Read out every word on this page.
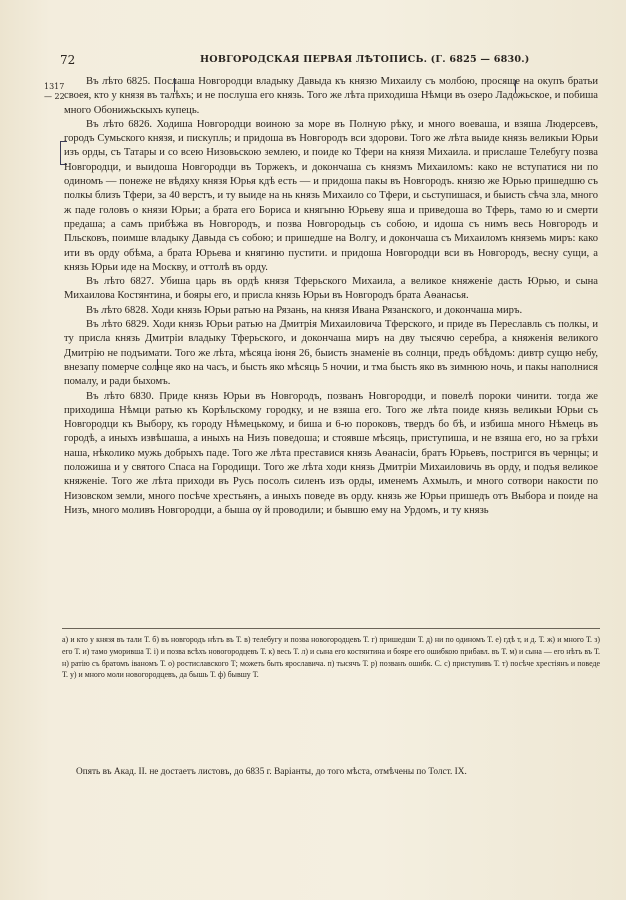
72	НОВГОРОДСКАЯ ПЕРВАЯ ЛѢТОПИСЬ. (Г. 6825 — 6830.)
1317
— 22

Въ лѣто 6825. Послаша Новгородци владыку Давыда къ князю Михаилу съ молбою, просяще на окупъ братьи своея, кто у князя въ талѣхъ; и не послуша его князь. Того же лѣта приходиша Нѣмци въ озеро Ладожьское, и побиша много Обонижьскыхъ купець.

Въ лѣто 6826. Ходиша Новгородци воиною за море въ Полную рѣку, и много воеваша, и взяша Людерсевъ, городъ Сумьского князя, и пискупль; и придоша въ Новгородъ вси здорови. Того же лѣта выиде князь великыи Юрьи изъ орды, съ Татары и со всею Низовьскою землею, и поиде ко Тфери на князя Михаила. и прислаше Телебугу позва Новгородци, и выидоша Новгородци въ Торжекъ, и докончаша съ князмъ Михаиломъ: како не вступатися ни по одиномъ — понеже не вѣдяху князя Юрья кдѣ есть — и придоша пакы въ Новгородъ. князю же Юрью пришедшю съ полкы близъ Тфери, за 40 верстъ, и ту выиде на нь князь Михаило со Тфери, и сьступишася, и быисть сѣча зла, много ж паде головъ о князи Юрьи; а брата его Бориса и княгыню Юрьеву яша и приведоша во Тферь, тамо ю и смерти предаша; а самъ прибѣжа въ Новгородъ, и позва Новгородьць съ собою, и идоша съ нимъ весь Новгородъ и Пльсковъ, поимше владыку Давыда съ собою; и пришедше на Волгу, и докончаша съ Михаиломъ княземь миръ: како ити въ орду обѣма, а брата Юрьева и княгиню пустити. и придоша Новгородци вси въ Новгородъ, весну сущи, а князь Юрьи иде на Москву, и оттолѣ въ орду.

Въ лѣто 6827. Убиша царь въ ордѣ князя Тферьского Михаила, а великое княженіе дасть Юрью, и сына Михаилова Костянтина, и бояры его, и присла князь Юрьи въ Новгородъ брата Аѳанасья.

Въ лѣто 6828. Ходи князь Юрьи ратью на Рязань, на князя Ивана Рязанского, и докончаша миръ.

Въ лѣто 6829. Ходи князь Юрьи ратью на Дмитрія Михаиловича Тферского, и приде въ Переславль съ полкы, и ту присла князь Дмитріи владыку Тферьского, и докончаша миръ на дву тысячю серебра, а княженія великого Дмитрію не подъимати. Того же лѣта, мѣсяца іюня 26, быисть знаменіе въ солнци, предъ обѣдомъ: дивтр сущю небу, внезапу померче солнце яко на часъ, и бысть яко мѣсяць 5 ночии, и тма бысть яко въ зимнюю ночь, и пакы наполнися помалу, и ради быхомъ.

Въ лѣто 6830. Приде князь Юрьи въ Новгородъ, позванъ Новгородци, и повелѣ пороки чинити. тогда же приходиша Нѣмци ратью къ Корѣльскому городку, и не взяша его. Того же лѣта поиде князь великыи Юрьи съ Новгородци къ Выбору, къ городу Нѣмецькому, и биша и 6-ю пороковъ, твердъ бо бѣ, и избиша много Нѣмець въ городѣ, а иныхъ извѣшаша, а иныхъ на Низъ поведоша; и стоявше мѣсяць, приступиша, и не взяша его, но за грѣхи наша, нѣколико мужь добрыхъ паде. Того же лѣта преставися князь Аѳанасіи, братъ Юрьевъ, постригся въ чернцы; и положиша и у святого Спаса на Городищи. Того же лѣта ходи князь Дмитріи Михаиловичь въ орду, и подъя великое княженіе. Того же лѣта приходи въ Русь посолъ силенъ изъ орды, именемъ Ахмылъ, и много сотвори накости по Низовском земли, много посѣче хрестьянъ, а иныхъ поведе въ орду. князь же Юрьи пришедъ отъ Выбора и поиде на Низъ, много моливъ Новгородци, а быша ѹ й проводили; и бывшю ему на Урдомъ, и ту князь

а) и кто у князя въ тали Т. б) въ новгородъ нѣтъ въ Т. в) телебугу и позва новогородцевъ Т. г) пришедши Т. д) ни по одиномъ Т. е) гдѣ т, и д. Т. ж) и много Т. з) его Т. и) тамо уморивша Т. і) и позва всѣхъ новогородцевъ Т. к) весь Т. л) и сына его костянтина и бояре его ошибкою прибавл. въ Т. м) и сына — его нѣтъ въ Т. н) ратію съ братомъ іваномъ Т. о) ростиславского Т; можеть быть ярославича. п) тысячъ Т. р) позванъ ошибк. С. с) приступивъ Т. т) посѣче хрестіянъ и поведе Т. у) и много моли новогородцевъ, да бышь Т. ф) бывшу Т.

Опять въ Акад. II. не достаетъ листовъ, до 6835 г. Варіанты, до того мѣста, отмѣчены по Толст. IX.
